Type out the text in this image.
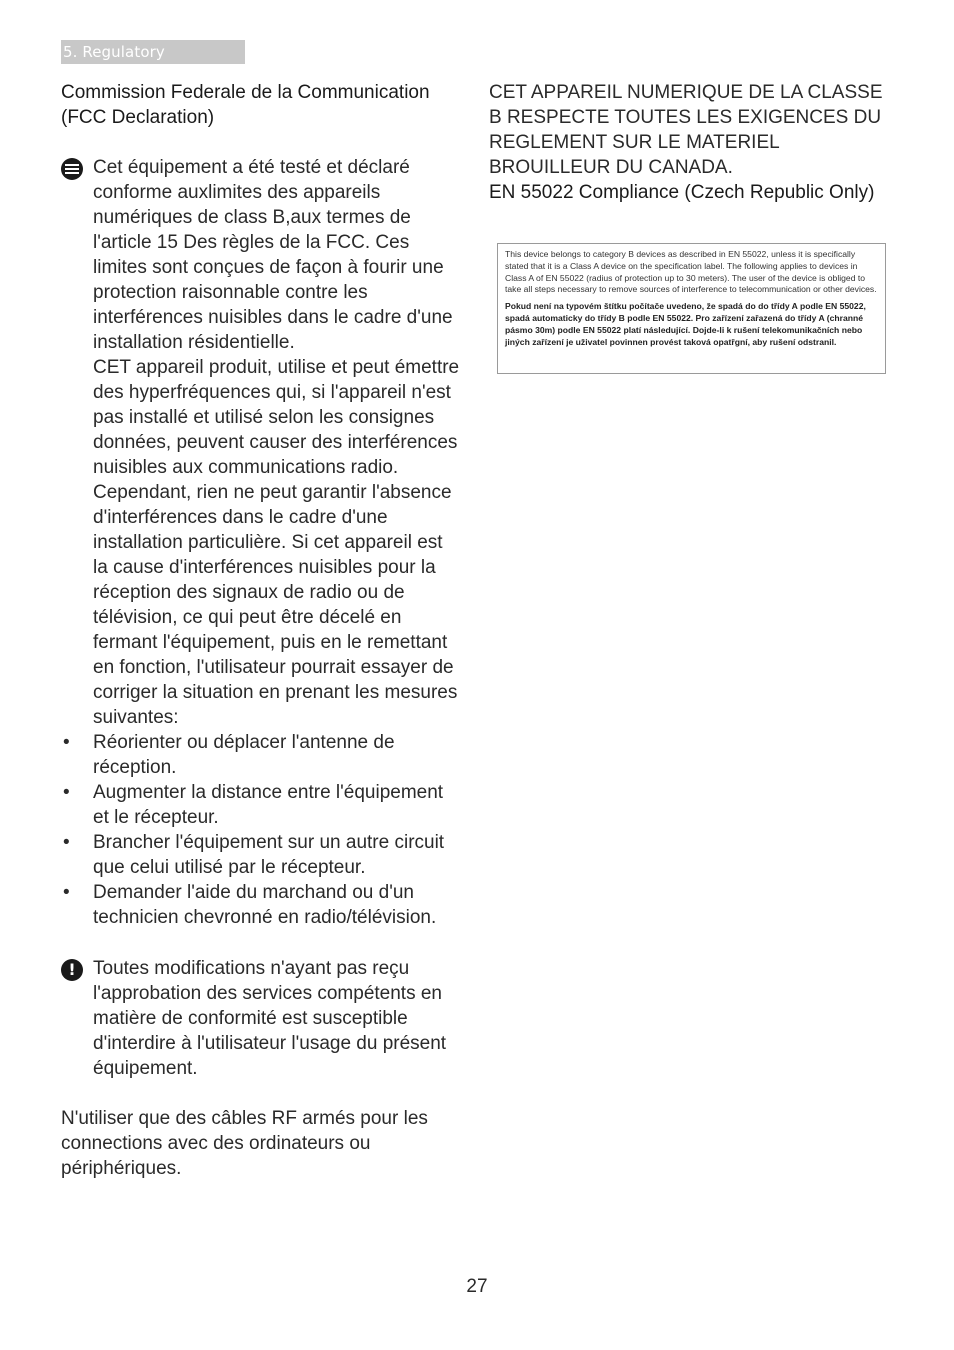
5. Regulatory Infomation
Commission Federale de la Communication
(FCC Declaration)

Cet équipement a été testé et déclaré conforme auxlimites des appareils numériques de class B,aux termes de l'article 15 Des règles de la FCC. Ces limites sont conçues de façon à fourir une protection raisonnable contre les interférences nuisibles dans le cadre d'une installation résidentielle.

CET appareil produit, utilise et peut émettre des hyperfréquences qui, si l'appareil n'est pas installé et utilisé selon les consignes données, peuvent causer des interférences nuisibles aux communications radio. Cependant, rien ne peut garantir l'absence d'interférences dans le cadre d'une installation particulière. Si cet appareil est la cause d'interférences nuisibles pour la réception des signaux de radio ou de télévision, ce qui peut être décelé en fermant l'équipement, puis en le remettant en fonction, l'utilisateur pourrait essayer de corriger la situation en prenant les mesures suivantes:

• Réorienter ou déplacer l'antenne de réception.
• Augmenter la distance entre l'équipement et le récepteur.
• Brancher l'équipement sur un autre circuit que celui utilisé par le récepteur.
• Demander l'aide du marchand ou d'un technicien chevronné en radio/télévision.
! Toutes modifications n'ayant pas reçu l'approbation des services compétents en matière de conformité est susceptible d'interdire à l'utilisateur l'usage du présent équipement.

N'utiliser que des câbles RF armés pour les connections avec des ordinateurs ou périphériques.

CET APPAREIL NUMERIQUE DE LA CLASSE B RESPECTE TOUTES LES EXIGENCES DU REGLEMENT SUR LE MATERIEL BROUILLEUR DU CANADA.

EN 55022 Compliance (Czech Republic Only)

This device belongs to category B devices as described in EN 55022, unless it is specifically stated that it is a Class A device on the specification label. The following applies to devices in Class A of EN 55022 (radius of protection up to 30 meters). The user of the device is obliged to take all steps necessary to remove sources of interference to telecommunication or other devices.

Pokud není na typovém štítku počítače uvedeno, že spadá do do třídy A podle EN 55022, spadá automaticky do třídy B podle EN 55022. Pro zařízení zařazená do třídy A (chranné pásmo 30m) podle EN 55022 platí následující. Dojde-li k rušení telekomunikačních nebo jiných zařízení je uživatel povinnen provést taková opatřgní, aby rušení odstranil.

27
